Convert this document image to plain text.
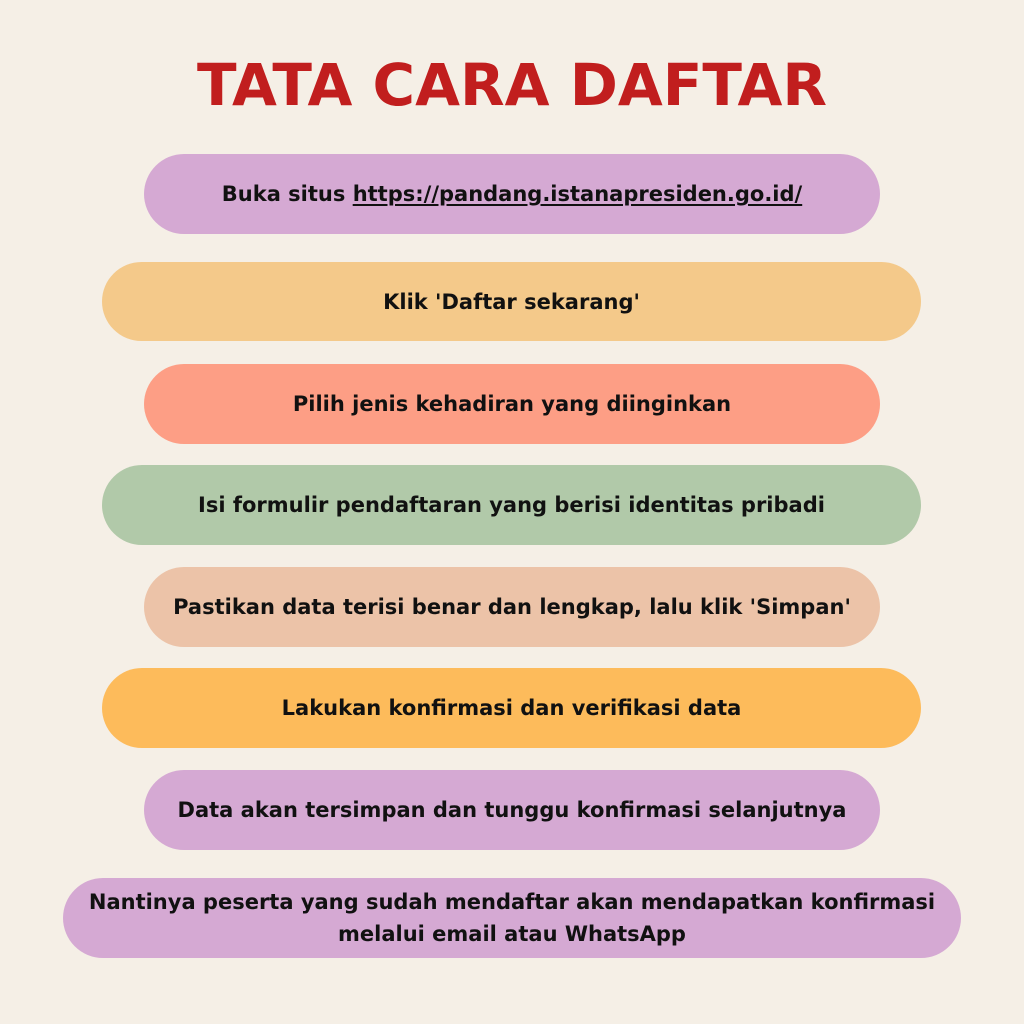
TATA CARA DAFTAR
Buka situs https://pandang.istanapresiden.go.id/
Klik 'Daftar sekarang'
Pilih jenis kehadiran yang diinginkan
Isi formulir pendaftaran yang berisi identitas pribadi
Pastikan data terisi benar dan lengkap, lalu klik 'Simpan'
Lakukan konfirmasi dan verifikasi data
Data akan tersimpan dan tunggu konfirmasi selanjutnya
Nantinya peserta yang sudah mendaftar akan mendapatkan konfirmasi melalui email atau WhatsApp
